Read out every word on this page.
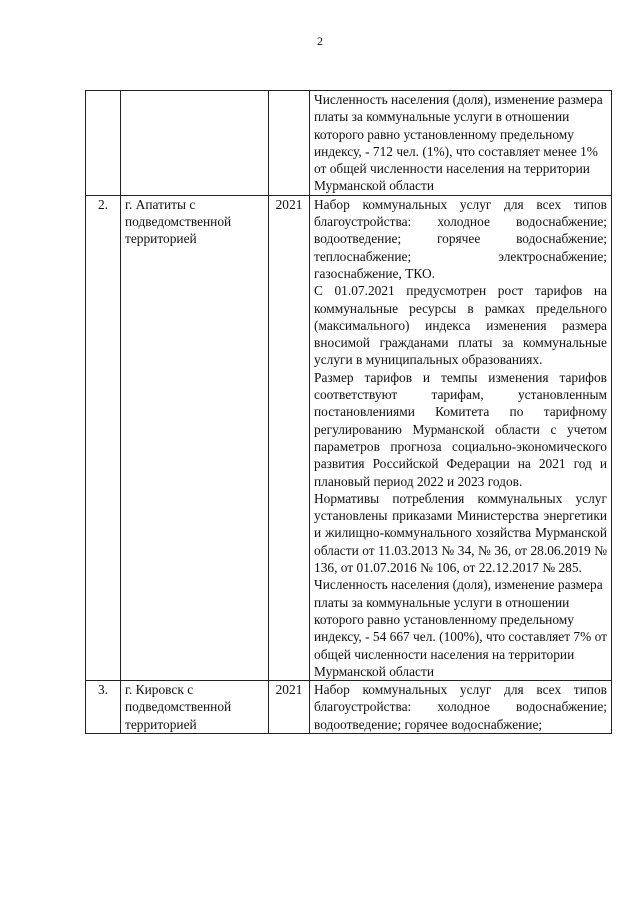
2

			Численность населения (доля), изменение размера платы за коммунальные услуги в отношении которого равно установленному предельному индексу, - 712 чел. (1%), что составляет менее 1% от общей численности населения на территории Мурманской области

2.	г. Апатиты с подведомственной территорией	2021	Набор коммунальных услуг для всех типов благоустройства: холодное водоснабжение; водоотведение; горячее водоснабжение; теплоснабжение; электроснабжение; газоснабжение, ТКО.

С 01.07.2021 предусмотрен рост тарифов на коммунальные ресурсы в рамках предельного (максимального) индекса изменения размера вносимой гражданами платы за коммунальные услуги в муниципальных образованиях.

Размер тарифов и темпы изменения тарифов соответствуют тарифам, установленным постановлениями Комитета по тарифному регулированию Мурманской области с учетом параметров прогноза социально-экономического развития Российской Федерации на 2021 год и плановый период 2022 и 2023 годов.

Нормативы потребления коммунальных услуг установлены приказами Министерства энергетики и жилищно-коммунального хозяйства Мурманской области от 11.03.2013 № 34, № 36, от 28.06.2019 № 136, от 01.07.2016 № 106, от 22.12.2017 № 285.

Численность населения (доля), изменение размера платы за коммунальные услуги в отношении которого равно установленному предельному индексу, - 54 667 чел. (100%), что составляет 7% от общей численности населения на территории Мурманской области

3.	г. Кировск с подведомственной территорией	2021	Набор коммунальных услуг для всех типов благоустройства: холодное водоснабжение; водоотведение; горячее водоснабжение;
